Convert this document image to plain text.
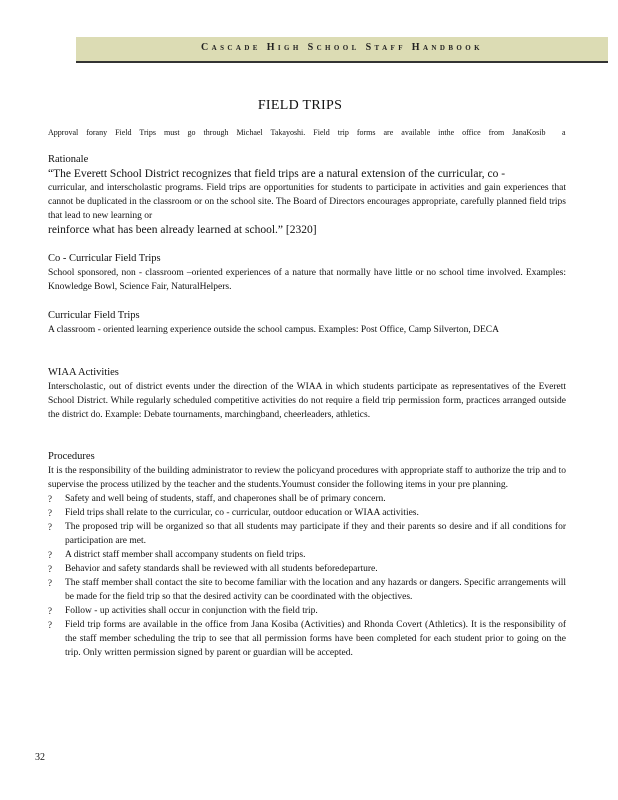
Cascade High School Staff Handbook
FIELD TRIPS
Approval forany Field Trips must go through Michael Takayoshi. Field trip forms are available inthe office from JanaKosib a
Rationale
“The Everett School District recognizes that field trips are a natural extension of the curricular, co -
curricular, and interscholastic programs. Field trips are opportunities for students to participate in activities and gain experiences that cannot be duplicated in the classroom or on the school site. The Board of Directors encourages appropriate, carefully planned field trips that lead to new learning or
reinforce what has been already learned at school.” [2320]
Co - Curricular Field Trips
School sponsored, non - classroom –oriented experiences of a nature that normally have little or no school time involved. Examples: Knowledge Bowl, Science Fair, NaturalHelpers.
Curricular Field Trips
A classroom - oriented learning experience outside the school campus. Examples: Post Office, Camp Silverton, DECA
WIAA Activities
Interscholastic, out of district events under the direction of the WIAA in which students participate as representatives of the Everett School District. While regularly scheduled competitive activities do not require a field trip permission form, practices arranged outside the district do. Example: Debate tournaments, marchingband, cheerleaders, athletics.
Procedures
It is the responsibility of the building administrator to review the policyand procedures with appropriate staff to authorize the trip and to supervise the process utilized by the teacher and the students.Youmust consider the following items in your pre planning.
? Safety and well being of students, staff, and chaperones shall be of primary concern.
? Field trips shall relate to the curricular, co - curricular, outdoor education or WIAA activities.
? The proposed trip will be organized so that all students may participate if they and their parents so desire and if all conditions for participation are met.
? A district staff member shall accompany students on field trips.
? Behavior and safety standards shall be reviewed with all students beforedeparture.
? The staff member shall contact the site to become familiar with the location and any hazards or dangers. Specific arrangements will be made for the field trip so that the desired activity can be coordinated with the objectives.
? Follow - up activities shall occur in conjunction with the field trip.
? Field trip forms are available in the office from Jana Kosiba (Activities) and Rhonda Covert (Athletics). It is the responsibility of the staff member scheduling the trip to see that all permission forms have been completed for each student prior to going on the trip. Only written permission signed by parent or guardian will be accepted.
32
